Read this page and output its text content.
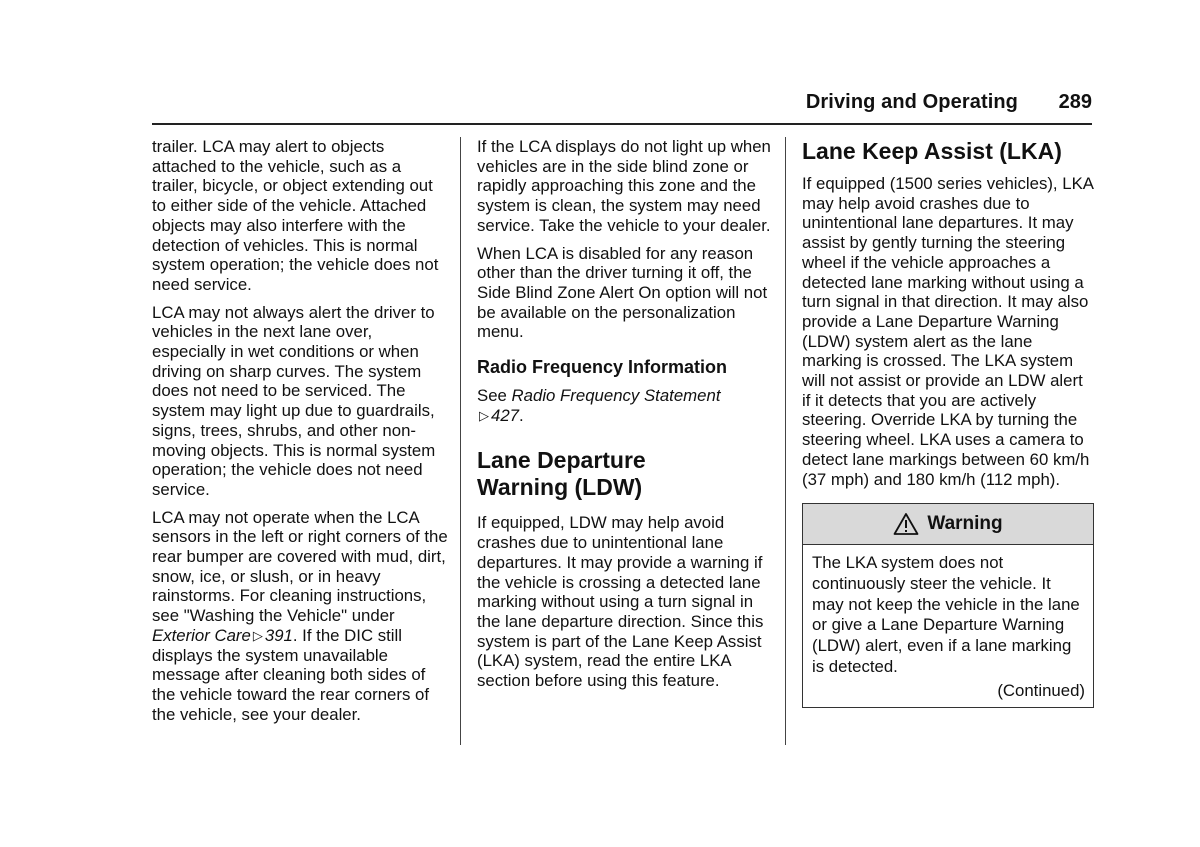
Driving and Operating 289

trailer. LCA may alert to objects attached to the vehicle, such as a trailer, bicycle, or object extending out to either side of the vehicle. Attached objects may also interfere with the detection of vehicles. This is normal system operation; the vehicle does not need service.

LCA may not always alert the driver to vehicles in the next lane over, especially in wet conditions or when driving on sharp curves. The system does not need to be serviced. The system may light up due to guardrails, signs, trees, shrubs, and other non-moving objects. This is normal system operation; the vehicle does not need service.

LCA may not operate when the LCA sensors in the left or right corners of the rear bumper are covered with mud, dirt, snow, ice, or slush, or in heavy rainstorms. For cleaning instructions, see "Washing the Vehicle" under Exterior Care ▷ 391. If the DIC still displays the system unavailable message after cleaning both sides of the vehicle toward the rear corners of the vehicle, see your dealer.

If the LCA displays do not light up when vehicles are in the side blind zone or rapidly approaching this zone and the system is clean, the system may need service. Take the vehicle to your dealer.

When LCA is disabled for any reason other than the driver turning it off, the Side Blind Zone Alert On option will not be available on the personalization menu.

Radio Frequency Information

See Radio Frequency Statement
▷ 427.

Lane Departure
Warning (LDW)

If equipped, LDW may help avoid crashes due to unintentional lane departures. It may provide a warning if the vehicle is crossing a detected lane marking without using a turn signal in the lane departure direction. Since this system is part of the Lane Keep Assist (LKA) system, read the entire LKA section before using this feature.

Lane Keep Assist (LKA)

If equipped (1500 series vehicles), LKA may help avoid crashes due to unintentional lane departures. It may assist by gently turning the steering wheel if the vehicle approaches a detected lane marking without using a turn signal in that direction. It may also provide a Lane Departure Warning (LDW) system alert as the lane marking is crossed. The LKA system will not assist or provide an LDW alert if it detects that you are actively steering. Override LKA by turning the steering wheel. LKA uses a camera to detect lane markings between 60 km/h (37 mph) and 180 km/h (112 mph).

Warning
The LKA system does not continuously steer the vehicle. It may not keep the vehicle in the lane or give a Lane Departure Warning (LDW) alert, even if a lane marking is detected.
(Continued)
